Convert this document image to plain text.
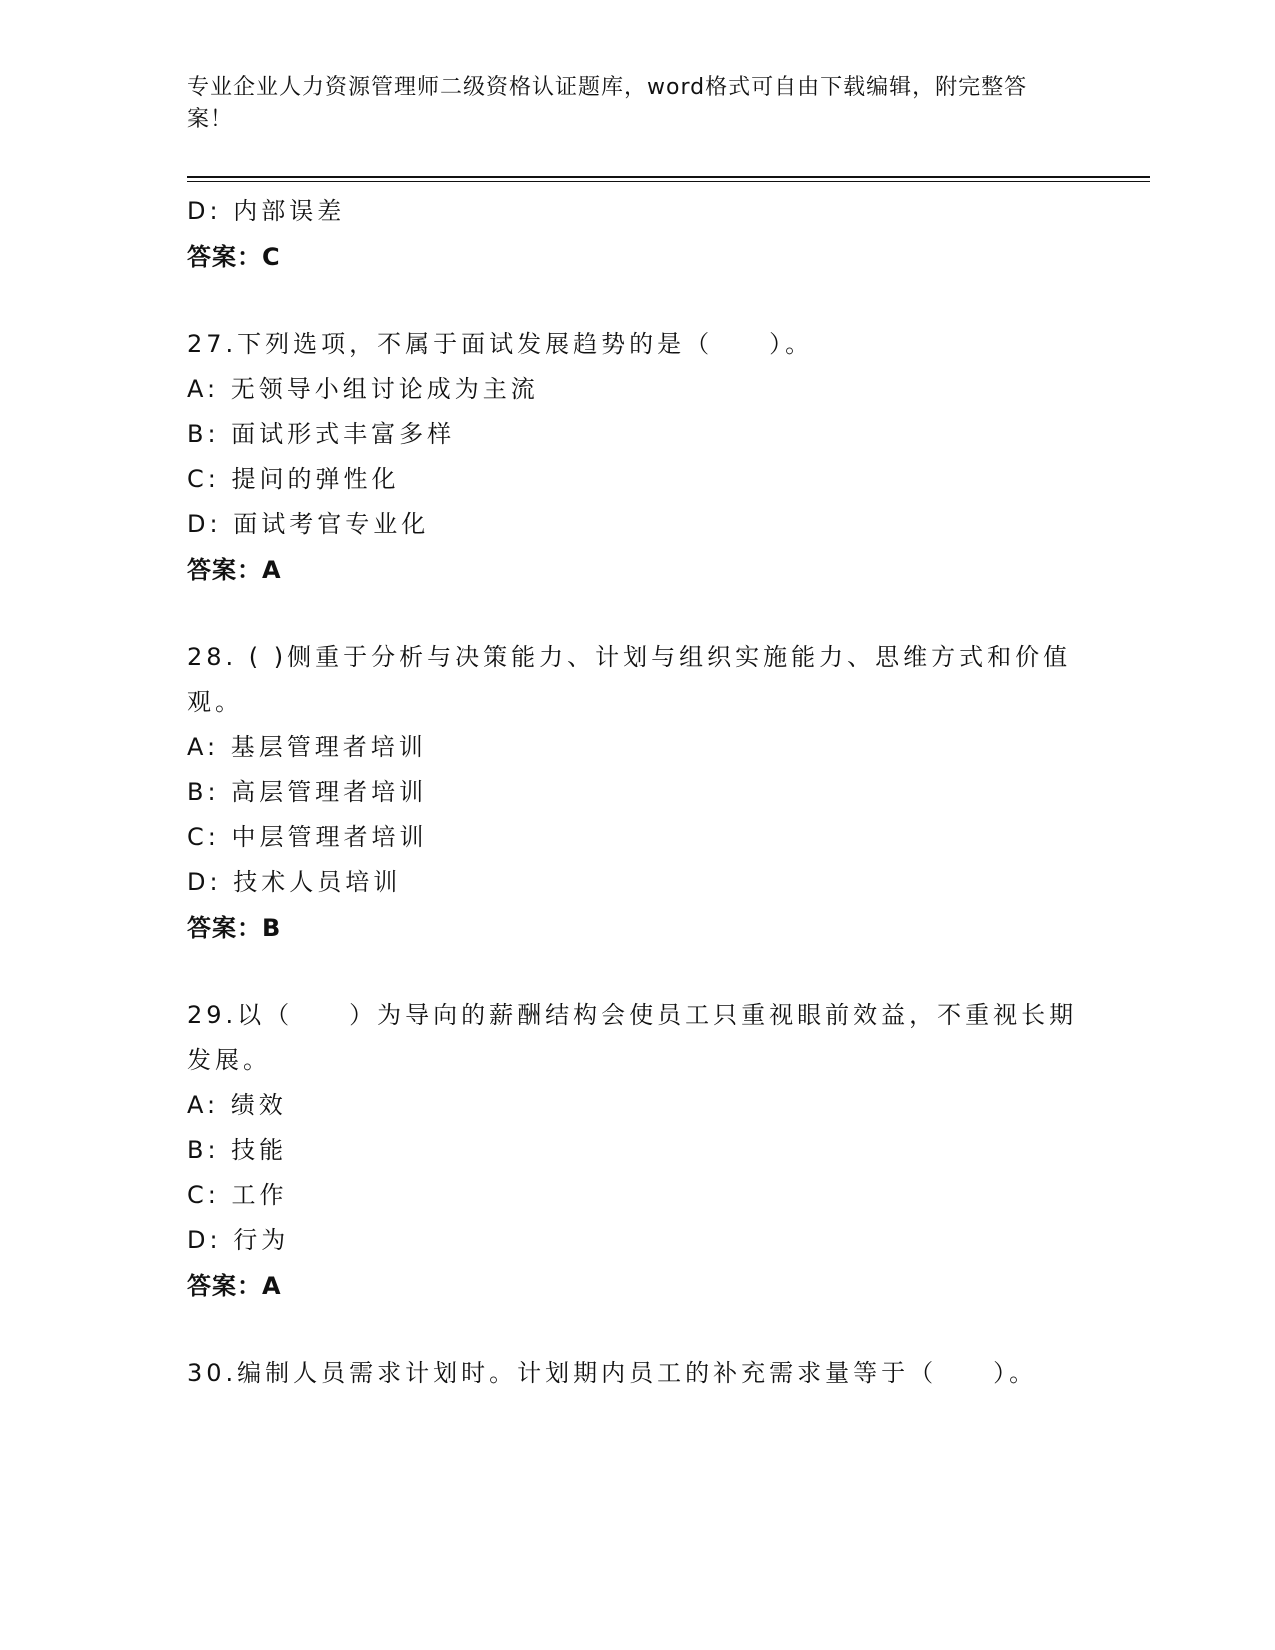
专业企业人力资源管理师二级资格认证题库，word格式可自由下载编辑，附完整答案！
D: 内部误差
答案：C
27.下列选项，不属于面试发展趋势的是（　　）。
A: 无领导小组讨论成为主流
B: 面试形式丰富多样
C: 提问的弹性化
D: 面试考官专业化
答案：A
28. ( )侧重于分析与决策能力、计划与组织实施能力、思维方式和价值观。
A: 基层管理者培训
B: 高层管理者培训
C: 中层管理者培训
D: 技术人员培训
答案：B
29.以（　　）为导向的薪酬结构会使员工只重视眼前效益，不重视长期发展。
A: 绩效
B: 技能
C: 工作
D: 行为
答案：A
30.编制人员需求计划时。计划期内员工的补充需求量等于（　　）。
